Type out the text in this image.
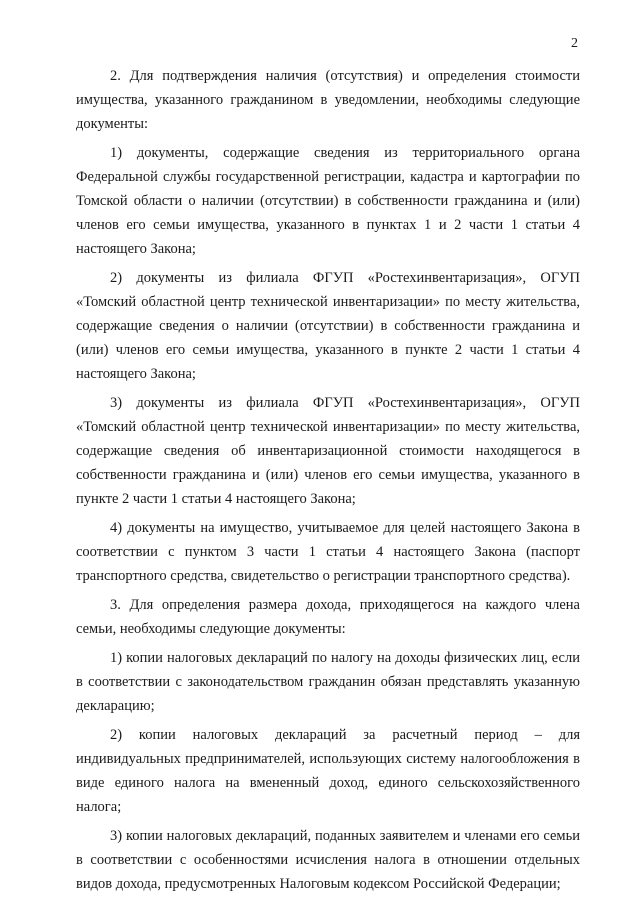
2

2. Для подтверждения наличия (отсутствия) и определения стоимости имущества, указанного гражданином в уведомлении, необходимы следующие документы:

1) документы, содержащие сведения из территориального органа Федеральной службы государственной регистрации, кадастра и картографии по Томской области о наличии (отсутствии) в собственности гражданина и (или) членов его семьи имущества, указанного в пунктах 1 и 2 части 1 статьи 4 настоящего Закона;

2) документы из филиала ФГУП «Ростехинвентаризация», ОГУП «Томский областной центр технической инвентаризации» по месту жительства, содержащие сведения о наличии (отсутствии) в собственности гражданина и (или) членов его семьи имущества, указанного в пункте 2 части 1 статьи 4 настоящего Закона;

3) документы из филиала ФГУП «Ростехинвентаризация», ОГУП «Томский областной центр технической инвентаризации» по месту жительства, содержащие сведения об инвентаризационной стоимости находящегося в собственности гражданина и (или) членов его семьи имущества, указанного в пункте 2 части 1 статьи 4 настоящего Закона;

4) документы на имущество, учитываемое для целей настоящего Закона в соответствии с пунктом 3 части 1 статьи 4 настоящего Закона (паспорт транспортного средства, свидетельство о регистрации транспортного средства).

3. Для определения размера дохода, приходящегося на каждого члена семьи, необходимы следующие документы:

1) копии налоговых деклараций по налогу на доходы физических лиц, если в соответствии с законодательством гражданин обязан представлять указанную декларацию;

2) копии налоговых деклараций за расчетный период – для индивидуальных предпринимателей, использующих систему налогообложения в виде единого налога на вмененный доход, единого сельскохозяйственного налога;

3) копии налоговых деклараций, поданных заявителем и членами его семьи в соответствии с особенностями исчисления налога в отношении отдельных видов дохода, предусмотренных Налоговым кодексом Российской Федерации;
